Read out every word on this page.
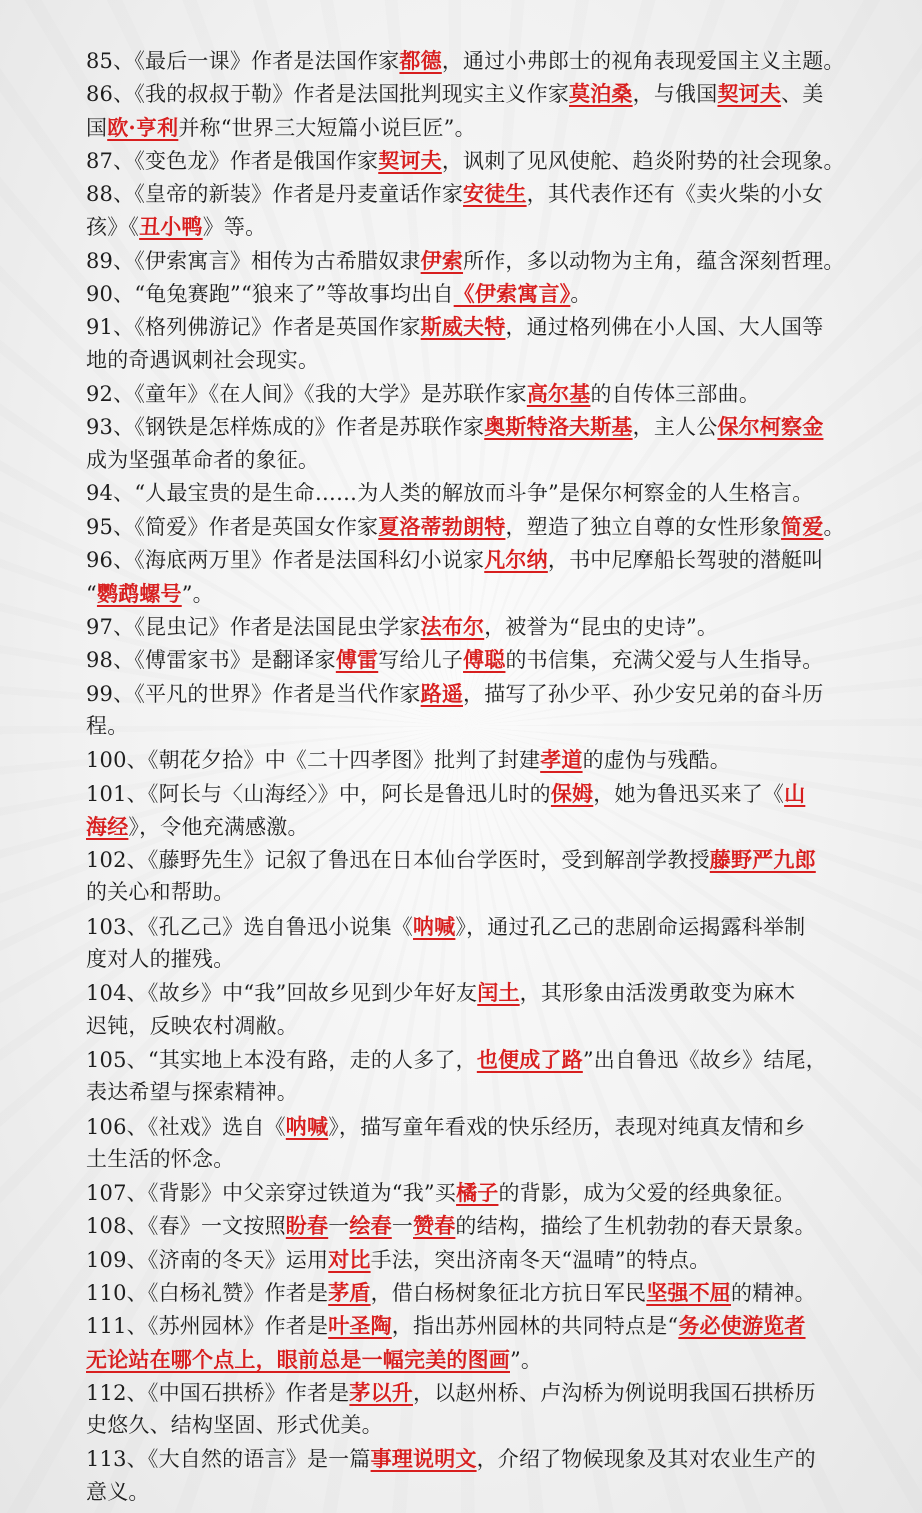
85、《最后一课》作者是法国作家都德，通过小弗郎士的视角表现爱国主义主题。
86、《我的叔叔于勒》作者是法国批判现实主义作家莫泊桑，与俄国契诃夫、美
国欧·亨利并称“世界三大短篇小说巨匠”。
87、《变色龙》作者是俄国作家契诃夫，讽刺了见风使舵、趋炎附势的社会现象。
88、《皇帝的新装》作者是丹麦童话作家安徒生，其代表作还有《卖火柴的小女
孩》《丑小鸭》等。
89、《伊索寓言》相传为古希腊奴隶伊索所作，多以动物为主角，蕴含深刻哲理。
90、“龟兔赛跑”“狼来了”等故事均出自《伊索寓言》。
91、《格列佛游记》作者是英国作家斯威夫特，通过格列佛在小人国、大人国等
地的奇遇讽刺社会现实。
92、《童年》《在人间》《我的大学》是苏联作家高尔基的自传体三部曲。
93、《钢铁是怎样炼成的》作者是苏联作家奥斯特洛夫斯基，主人公保尔柯察金
成为坚强革命者的象征。
94、“人最宝贵的是生命……为人类的解放而斗争”是保尔柯察金的人生格言。
95、《简爱》作者是英国女作家夏洛蒂勃朗特，塑造了独立自尊的女性形象简爱。
96、《海底两万里》作者是法国科幻小说家凡尔纳，书中尼摩船长驾驶的潜艇叫
“鹦鹉螺号”。
97、《昆虫记》作者是法国昆虫学家法布尔，被誉为“昆虫的史诗”。
98、《傅雷家书》是翻译家傅雷写给儿子傅聪的书信集，充满父爱与人生指导。
99、《平凡的世界》作者是当代作家路遥，描写了孙少平、孙少安兄弟的奋斗历
程。
100、《朝花夕拾》中《二十四孝图》批判了封建孝道的虚伪与残酷。
101、《阿长与〈山海经〉》中，阿长是鲁迅儿时的保姆，她为鲁迅买来了《山
海经》，令他充满感激。
102、《藤野先生》记叙了鲁迅在日本仙台学医时，受到解剖学教授藤野严九郎
的关心和帮助。
103、《孔乙己》选自鲁迅小说集《呐喊》，通过孔乙己的悲剧命运揭露科举制
度对人的摧残。
104、《故乡》中“我”回故乡见到少年好友闰土，其形象由活泼勇敢变为麻木
迟钝，反映农村凋敝。
105、“其实地上本没有路，走的人多了，也便成了路”出自鲁迅《故乡》结尾，
表达希望与探索精神。
106、《社戏》选自《呐喊》，描写童年看戏的快乐经历，表现对纯真友情和乡
土生活的怀念。
107、《背影》中父亲穿过铁道为“我”买橘子的背影，成为父爱的经典象征。
108、《春》一文按照盼春一绘春一赞春的结构，描绘了生机勃勃的春天景象。
109、《济南的冬天》运用对比手法，突出济南冬天“温晴”的特点。
110、《白杨礼赞》作者是茅盾，借白杨树象征北方抗日军民坚强不屈的精神。
111、《苏州园林》作者是叶圣陶，指出苏州园林的共同特点是“务必使游览者
无论站在哪个点上，眼前总是一幅完美的图画”。
112、《中国石拱桥》作者是茅以升，以赵州桥、卢沟桥为例说明我国石拱桥历
史悠久、结构坚固、形式优美。
113、《大自然的语言》是一篇事理说明文，介绍了物候现象及其对农业生产的
意义。
